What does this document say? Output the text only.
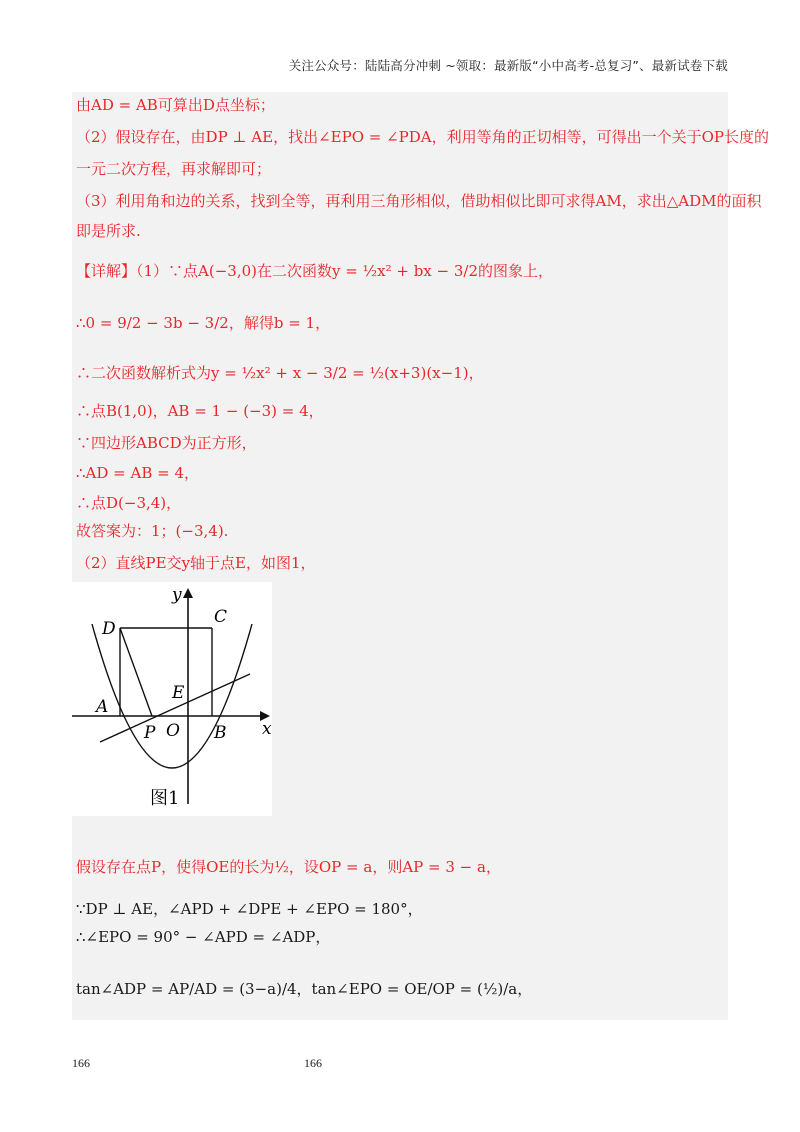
关注公众号：陆陆高分冲刺 ~领取：最新版“小中高考-总复习”、最新试卷下载
由AD = AB可算出D点坐标；
（2）假设存在，由DP ⊥ AE，找出∠EPO = ∠PDA，利用等角的正切相等，可得出一个关于OP长度的
一元二次方程，再求解即可；
（3）利用角和边的关系，找到全等，再利用三角形相似，借助相似比即可求得AM，求出△ADM的面积
即是所求.
【详解】（1）∵点A(−3,0)在二次函数y = ½x² + bx − 3/2的图象上，
∴0 = 9/2 − 3b − 3/2，解得b = 1，
∴二次函数解析式为y = ½x² + x − 3/2 = ½(x+3)(x−1)，
∴点B(1,0)，AB = 1 − (−3) = 4，
∵四边形ABCD为正方形，
∴AD = AB = 4，
∴点D(−3,4)，
故答案为：1；(−3,4).
（2）直线PE交y轴于点E，如图1，
D
C
y
E
A
P O B x
图1
假设存在点P，使得OE的长为½，设OP = a，则AP = 3 − a，
∵DP ⊥ AE，∠APD + ∠DPE + ∠EPO = 180°，
∴∠EPO = 90° − ∠APD = ∠ADP，
tan∠ADP = AP/AD = (3−a)/4，tan∠EPO = OE/OP = (½)/a，
166	166
